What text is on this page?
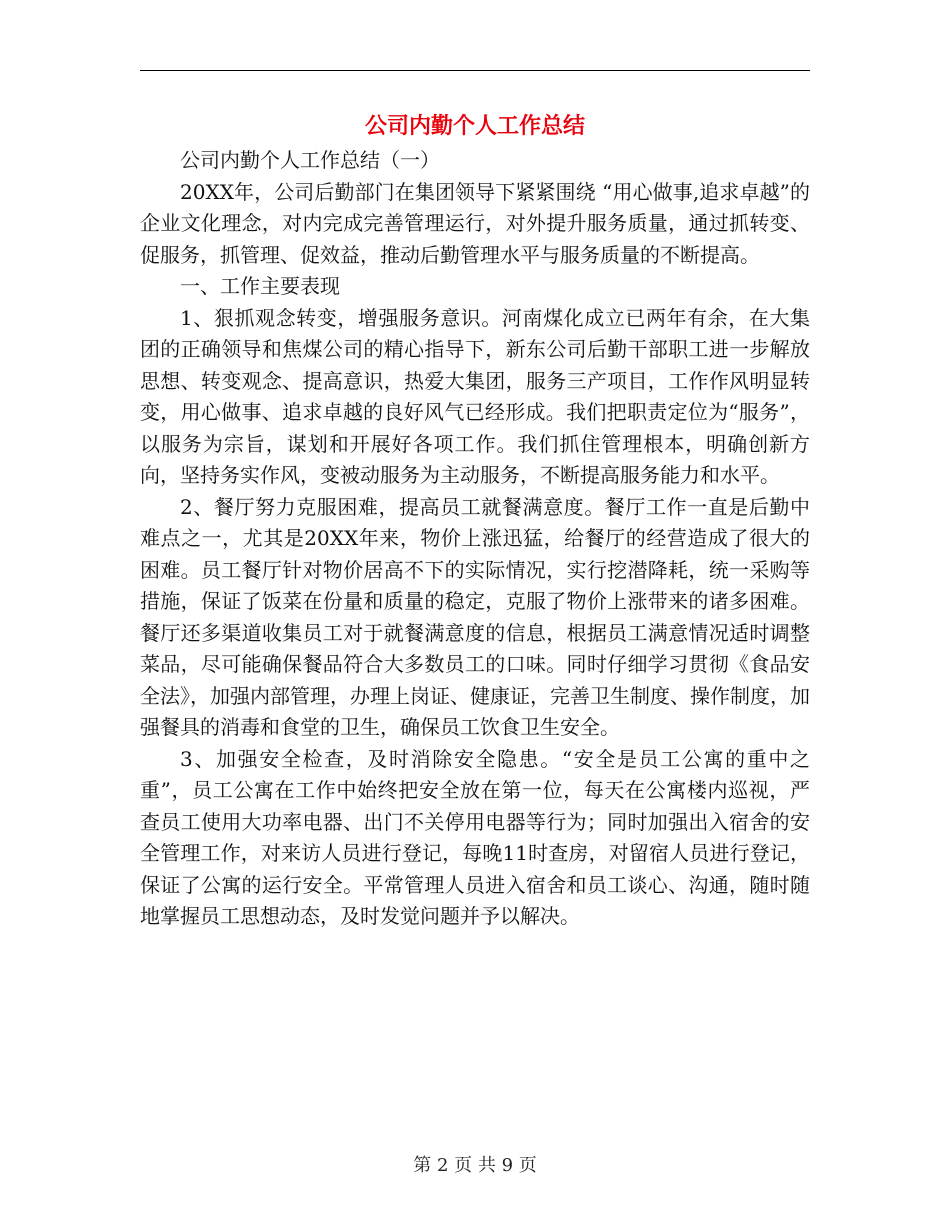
公司内勤个人工作总结

公司内勤个人工作总结（一）

20XX年，公司后勤部门在集团领导下紧紧围绕 “用心做事,追求卓越”的企业文化理念，对内完成完善管理运行，对外提升服务质量，通过抓转变、促服务，抓管理、促效益，推动后勤管理水平与服务质量的不断提高。

一、工作主要表现

1、狠抓观念转变，增强服务意识。河南煤化成立已两年有余，在大集团的正确领导和焦煤公司的精心指导下，新东公司后勤干部职工进一步解放思想、转变观念、提高意识，热爱大集团，服务三产项目，工作作风明显转变，用心做事、追求卓越的良好风气已经形成。我们把职责定位为“服务”，以服务为宗旨，谋划和开展好各项工作。我们抓住管理根本，明确创新方向，坚持务实作风，变被动服务为主动服务，不断提高服务能力和水平。

2、餐厅努力克服困难，提高员工就餐满意度。餐厅工作一直是后勤中难点之一，尤其是20XX年来，物价上涨迅猛，给餐厅的经营造成了很大的困难。员工餐厅针对物价居高不下的实际情况，实行挖潜降耗，统一采购等措施，保证了饭菜在份量和质量的稳定，克服了物价上涨带来的诸多困难。餐厅还多渠道收集员工对于就餐满意度的信息，根据员工满意情况适时调整菜品，尽可能确保餐品符合大多数员工的口味。同时仔细学习贯彻《食品安全法》，加强内部管理，办理上岗证、健康证，完善卫生制度、操作制度，加强餐具的消毒和食堂的卫生，确保员工饮食卫生安全。

3、加强安全检查，及时消除安全隐患。“安全是员工公寓的重中之重”，员工公寓在工作中始终把安全放在第一位，每天在公寓楼内巡视，严查员工使用大功率电器、出门不关停用电器等行为；同时加强出入宿舍的安全管理工作，对来访人员进行登记，每晚11时查房，对留宿人员进行登记，保证了公寓的运行安全。平常管理人员进入宿舍和员工谈心、沟通，随时随地掌握员工思想动态，及时发觉问题并予以解决。

第 2 页 共 9 页
